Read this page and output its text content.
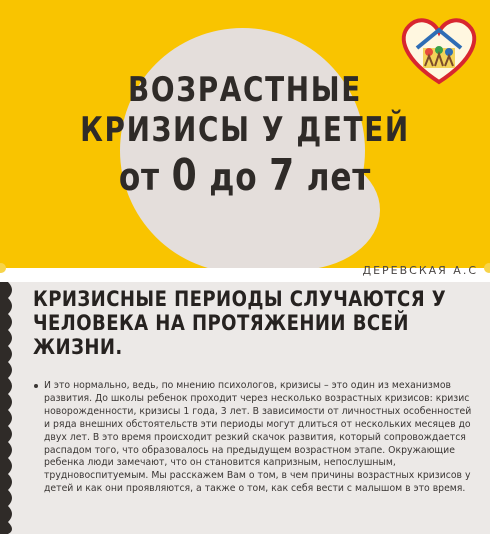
ВОЗРАСТНЫЕ
КРИЗИСЫ У ДЕТЕЙ
от 0 до 7 лет
ДЕРЕВСКАЯ А.С
КРИЗИСНЫЕ ПЕРИОДЫ СЛУЧАЮТСЯ У ЧЕЛОВЕКА НА ПРОТЯЖЕНИИ ВСЕЙ ЖИЗНИ.
И это нормально, ведь, по мнению психологов, кризисы – это один из механизмов развития. До школы ребенок проходит через несколько возрастных кризисов: кризис новорожденности, кризисы 1 года, 3 лет. В зависимости от личностных особенностей и ряда внешних обстоятельств эти периоды могут длиться от нескольких месяцев до двух лет. В это время происходит резкий скачок развития, который сопровождается распадом того, что образовалось на предыдущем возрастном этапе. Окружающие ребенка люди замечают, что он становится капризным, непослушным, трудновоспитуемым. Мы расскажем Вам о том, в чем причины возрастных кризисов у детей и как они проявляются, а также о том, как себя вести с малышом в это время.
